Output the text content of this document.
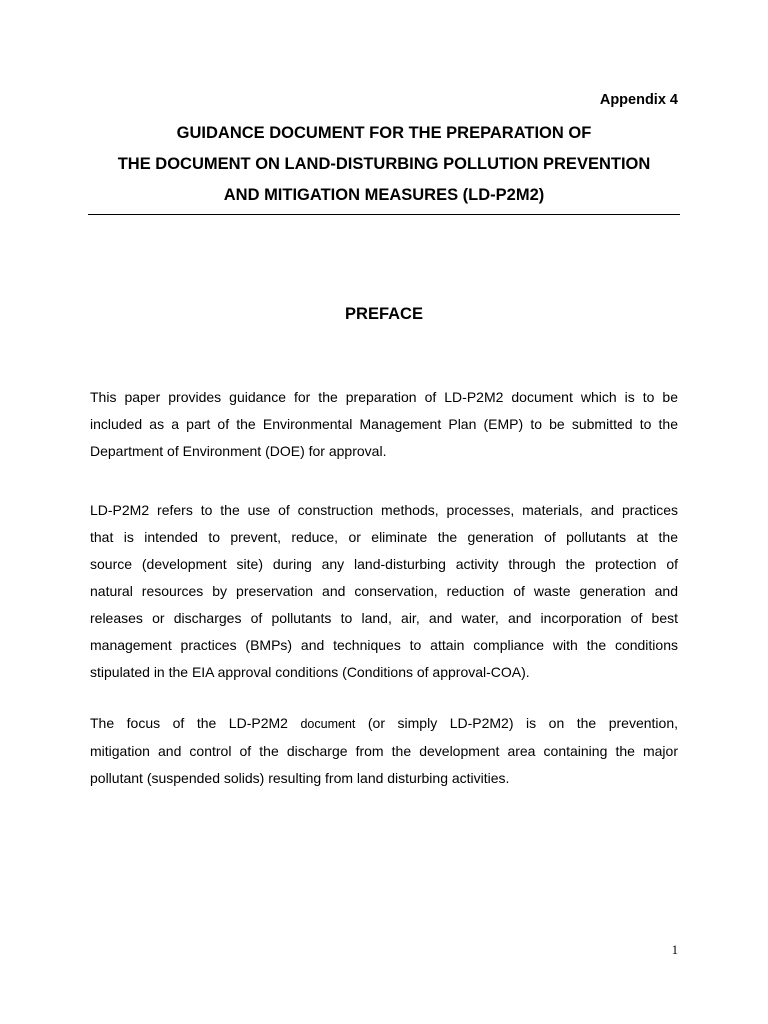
Appendix 4
GUIDANCE DOCUMENT FOR THE PREPARATION OF
THE DOCUMENT ON LAND-DISTURBING POLLUTION PREVENTION
AND MITIGATION MEASURES (LD-P2M2)
PREFACE
This paper provides guidance for the preparation of LD-P2M2 document which is to be
included as a part of the Environmental Management Plan (EMP) to be submitted to the
Department of Environment (DOE) for approval.
LD-P2M2 refers to the use of construction methods, processes, materials, and practices
that is intended to prevent, reduce, or eliminate the generation of pollutants at the
source (development site) during any land-disturbing activity through the protection of
natural resources by preservation and conservation, reduction of waste generation and
releases or discharges of pollutants to land, air, and water, and incorporation of best
management practices (BMPs) and techniques to attain compliance with the conditions
stipulated in the EIA approval conditions (Conditions of approval-COA).
The focus of the LD-P2M2 document (or simply LD-P2M2) is on the prevention,
mitigation and control of the discharge from the development area containing the major
pollutant (suspended solids) resulting from land disturbing activities.
1
